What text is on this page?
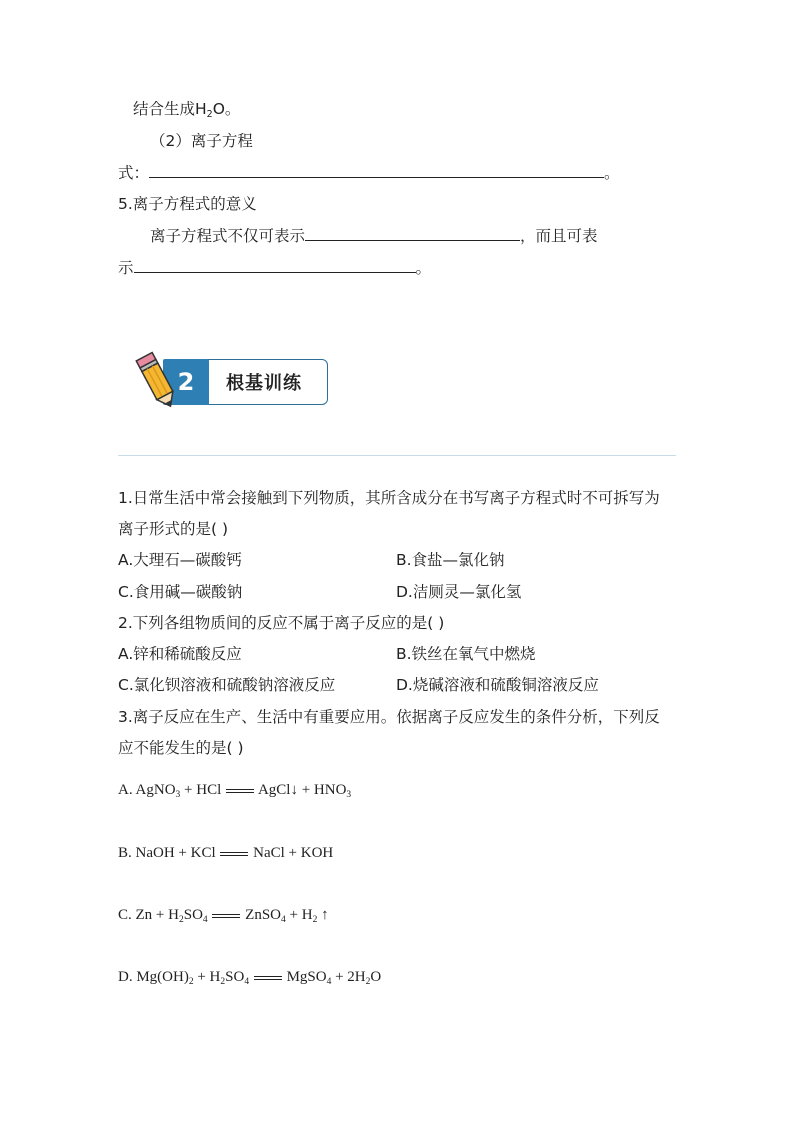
结合生成$H_2O$。
（2）离子方程
式：	。
5.离子方程式的意义
离子方程式不仅可表示	，而且可表
示	。
2	根基训练
1.日常生活中常会接触到下列物质，其所含成分在书写离子方程式时不可拆写为
离子形式的是( )
A.大理石—碳酸钙	B.食盐—氯化钠
C.食用碱—碳酸钠	D.洁厕灵—氯化氢
2.下列各组物质间的反应不属于离子反应的是( )
A.锌和稀硫酸反应	B.铁丝在氧气中燃烧
C.氯化钡溶液和硫酸钠溶液反应	D.烧碱溶液和硫酸铜溶液反应
3.离子反应在生产、生活中有重要应用。依据离子反应发生的条件分析，下列反
应不能发生的是( )
A. AgNO$_3$ + HCl AgCl↓ + $HNO_3$
B. NaOH + KCl	NaCl + KOH
C. $Zn + H_2SO_4$	ZnSO$_4$ + $H_2$ ↑
D. $Mg(OH)_2 + H_2SO_4$	MgSO$_4$ + $2H_2O$
